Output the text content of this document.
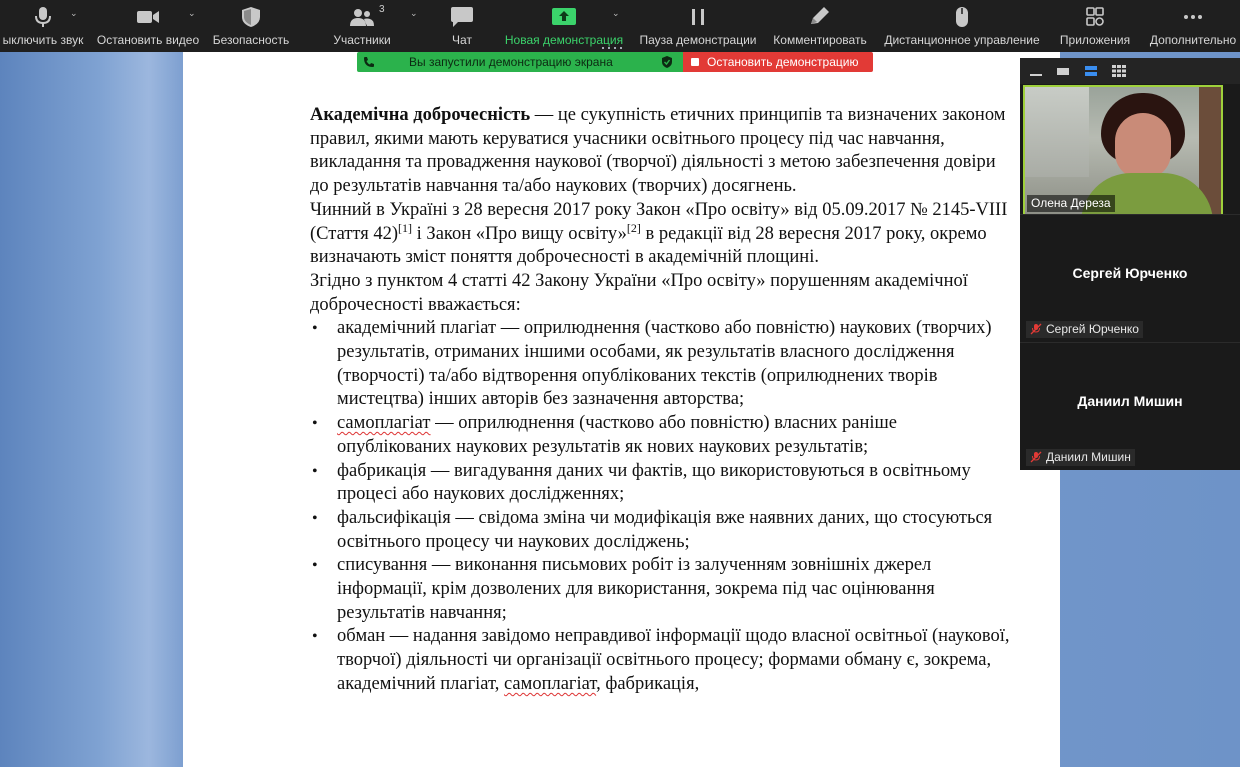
ыключить звук
⌄
Остановить видео
⌄
Безопасность
3
Участники
⌄
Чат	Новая демонстрация
⌄
Пауза демонстрации	Комментировать	Дистанционное управление	Приложения	Дополнительно

Академічна доброчесність — це сукупність етичних принципів та визначених законом правил, якими мають керуватися учасники освітнього процесу під час навчання, викладання та провадження наукової (творчої) діяльності з метою забезпечення довіри до результатів навчання та/або наукових (творчих) досягнень.

Чинний в Україні з 28 вересня 2017 року Закон «Про освіту» від 05.09.2017 № 2145-VIII (Стаття 42)[1] і Закон «Про вищу освіту»[2] в редакції від 28 вересня 2017 року, окремо визначають зміст поняття доброчесності в академічній площині.

Згідно з пунктом 4 статті 42 Закону України «Про освіту» порушенням академічної доброчесності вважається:

• академічний плагіат — оприлюднення (частково або повністю) наукових (творчих) результатів, отриманих іншими особами, як результатів власного дослідження (творчості) та/або відтворення опублікованих текстів (оприлюднених творів мистецтва) інших авторів без зазначення авторства;
• самоплагіат — оприлюднення (частково або повністю) власних раніше опублікованих наукових результатів як нових наукових результатів;
• фабрикація — вигадування даних чи фактів, що використовуються в освітньому процесі або наукових дослідженнях;
• фальсифікація — свідома зміна чи модифікація вже наявних даних, що стосуються освітнього процесу чи наукових досліджень;
• списування — виконання письмових робіт із залученням зовнішніх джерел інформації, крім дозволених для використання, зокрема під час оцінювання результатів навчання;
• обман — надання завідомо неправдивої інформації щодо власної освітньої (наукової, творчої) діяльності чи організації освітнього процесу; формами обману є, зокрема, академічний плагіат, самоплагіат, фабрикація,
Вы запустили демонстрацию экрана	Остановить демонстрацию
Олена Дереза
Сергей Юрченко
Сергей Юрченко
Даниил Мишин
Даниил Мишин
